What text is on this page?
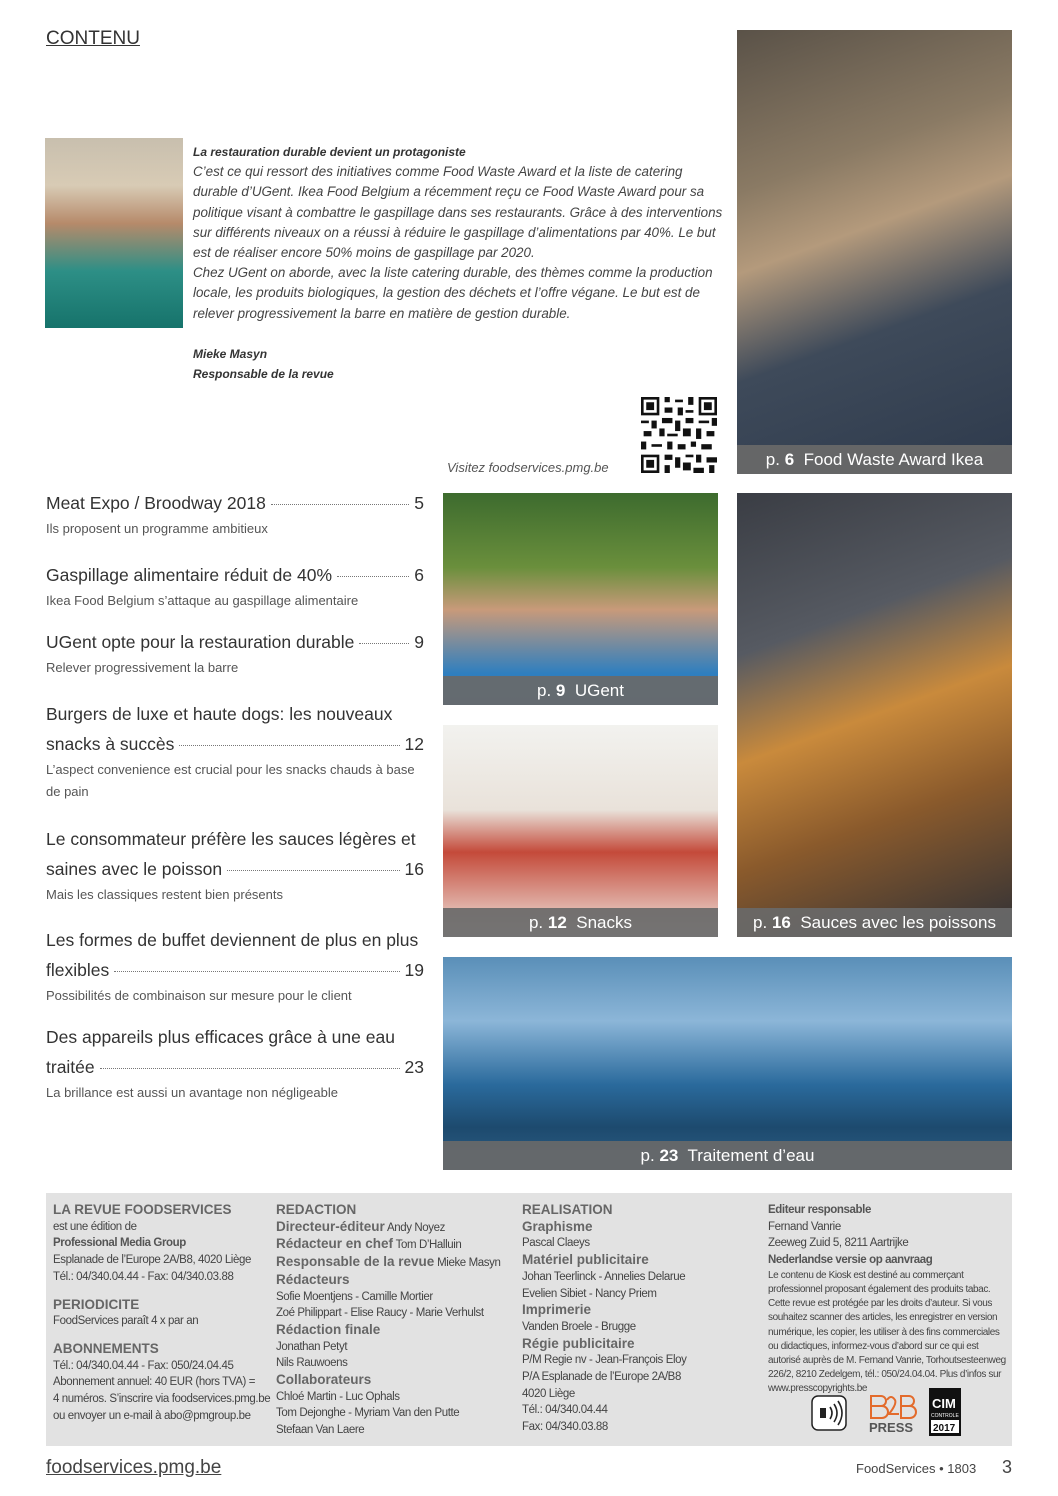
CONTENU

La restauration durable devient un protagoniste

C’est ce qui ressort des initiatives comme Food Waste Award et la liste de catering durable d’UGent. Ikea Food Belgium a récemment reçu ce Food Waste Award pour sa politique visant à combattre le gaspillage dans ses restaurants. Grâce à des interventions sur différents niveaux on a réussi à réduire le gaspillage d’alimentations par 40%. Le but est de réaliser encore 50% moins de gaspillage par 2020.

Chez UGent on aborde, avec la liste catering durable, des thèmes comme la production locale, les produits biologiques, la gestion des déchets et l’offre végane. Le but est de relever progressivement la barre en matière de gestion durable.

Mieke Masyn

Responsable de la revue

Visitez foodservices.pmg.be	p. 6 Food Waste Award Ikea
p. 9 UGent
p. 12 Snacks	p. 16 Sauces avec les poissons
p. 23 Traitement d’eau
Meat Expo / Broodway 2018	5
Ils proposent un programme ambitieux
Gaspillage alimentaire réduit de 40%	6
Ikea Food Belgium s’attaque au gaspillage alimentaire
UGent opte pour la restauration durable	9
Relever progressivement la barre
Burgers de luxe et haute dogs: les nouveaux
snacks à succès	12
L’aspect convenience est crucial pour les snacks chauds à base de pain
Le consommateur préfère les sauces légères et
saines avec le poisson	16
Mais les classiques restent bien présents
Les formes de buffet deviennent de plus en plus
flexibles	19
Possibilités de combinaison sur mesure pour le client
Des appareils plus efficaces grâce à une eau
traitée	23
La brillance est aussi un avantage non négligeable
LA REVUE FOODSERVICES
est une édition de
Professional Media Group
Esplanade de l’Europe 2A/B8, 4020 Liège
Tél.: 04/340.04.44 - Fax: 04/340.03.88
PERIODICITE
FoodServices paraît 4 x par an
ABONNEMENTS
Tél.: 04/340.04.44 - Fax: 050/24.04.45
Abonnement annuel: 40 EUR (hors TVA) =
4 numéros. S’inscrire via foodservices.pmg.be
ou envoyer un e-mail à abo@pmgroup.be
REDACTION
Directeur-éditeur Andy Noyez
Rédacteur en chef Tom D’Halluin
Responsable de la revue Mieke Masyn
Rédacteurs
Sofie Moentjens - Camille Mortier
Zoé Philippart - Elise Raucy - Marie Verhulst
Rédaction finale
Jonathan Petyt
Nils Rauwoens
Collaborateurs
Chloé Martin - Luc Ophals
Tom Dejonghe - Myriam Van den Putte
Stefaan Van Laere
REALISATION
Graphisme
Pascal Claeys
Matériel publicitaire
Johan Teerlinck - Annelies Delarue
Evelien Sibiet - Nancy Priem
Imprimerie
Vanden Broele - Brugge
Régie publicitaire
P/M Regie nv - Jean-François Eloy
P/A Esplanade de l’Europe 2A/B8
4020 Liège
Tél.: 04/340.04.44
Fax: 04/340.03.88
Editeur responsable
Fernand Vanrie
Zeeweg Zuid 5, 8211 Aartrijke
Nederlandse versie op aanvraag
Le contenu de Kiosk est destiné au commerçant professionnel proposant également des produits tabac. Cette revue est protégée par les droits d’auteur. Si vous souhaitez scanner des articles, les enregistrer en version numérique, les copier, les utiliser à des fins commerciales ou didactiques, informez-vous d’abord sur ce qui est autorisé auprès de M. Fernand Vanrie, Torhoutsesteenweg 226/2, 8210 Zedelgem, tél.: 050/24.04.04. Plus d’infos sur www.presscopyrights.be
PRESS
CIM
CONTROLE
2017
foodservices.pmg.be	FoodServices • 1803 3
